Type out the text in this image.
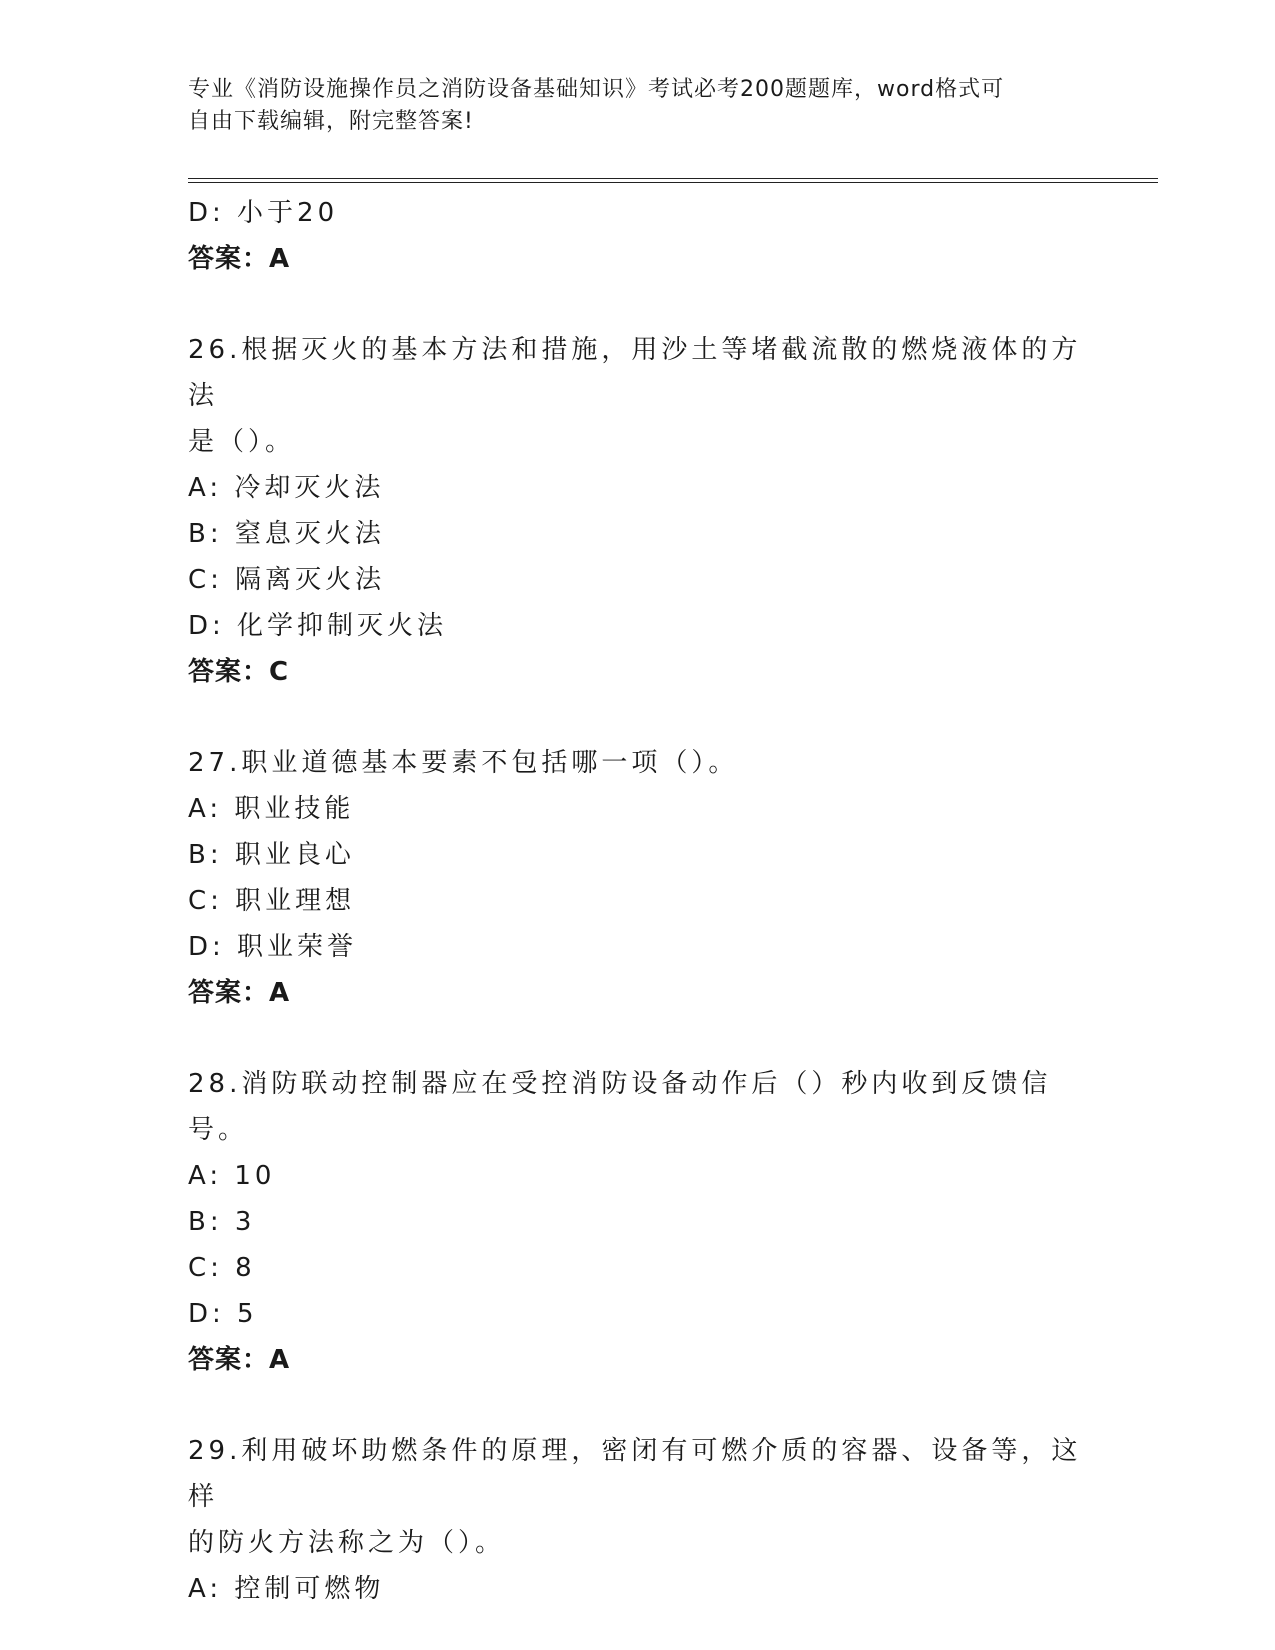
专业《消防设施操作员之消防设备基础知识》考试必考200题题库，word格式可
自由下载编辑，附完整答案!
D: 小于20
答案：A
26.根据灭火的基本方法和措施，用沙土等堵截流散的燃烧液体的方法
是（）。
A: 冷却灭火法
B: 窒息灭火法
C: 隔离灭火法
D: 化学抑制灭火法
答案：C
27.职业道德基本要素不包括哪一项（）。
A: 职业技能
B: 职业良心
C: 职业理想
D: 职业荣誉
答案：A
28.消防联动控制器应在受控消防设备动作后（）秒内收到反馈信号。
A: 10
B: 3
C: 8
D: 5
答案：A
29.利用破坏助燃条件的原理，密闭有可燃介质的容器、设备等，这样
的防火方法称之为（）。
A: 控制可燃物
